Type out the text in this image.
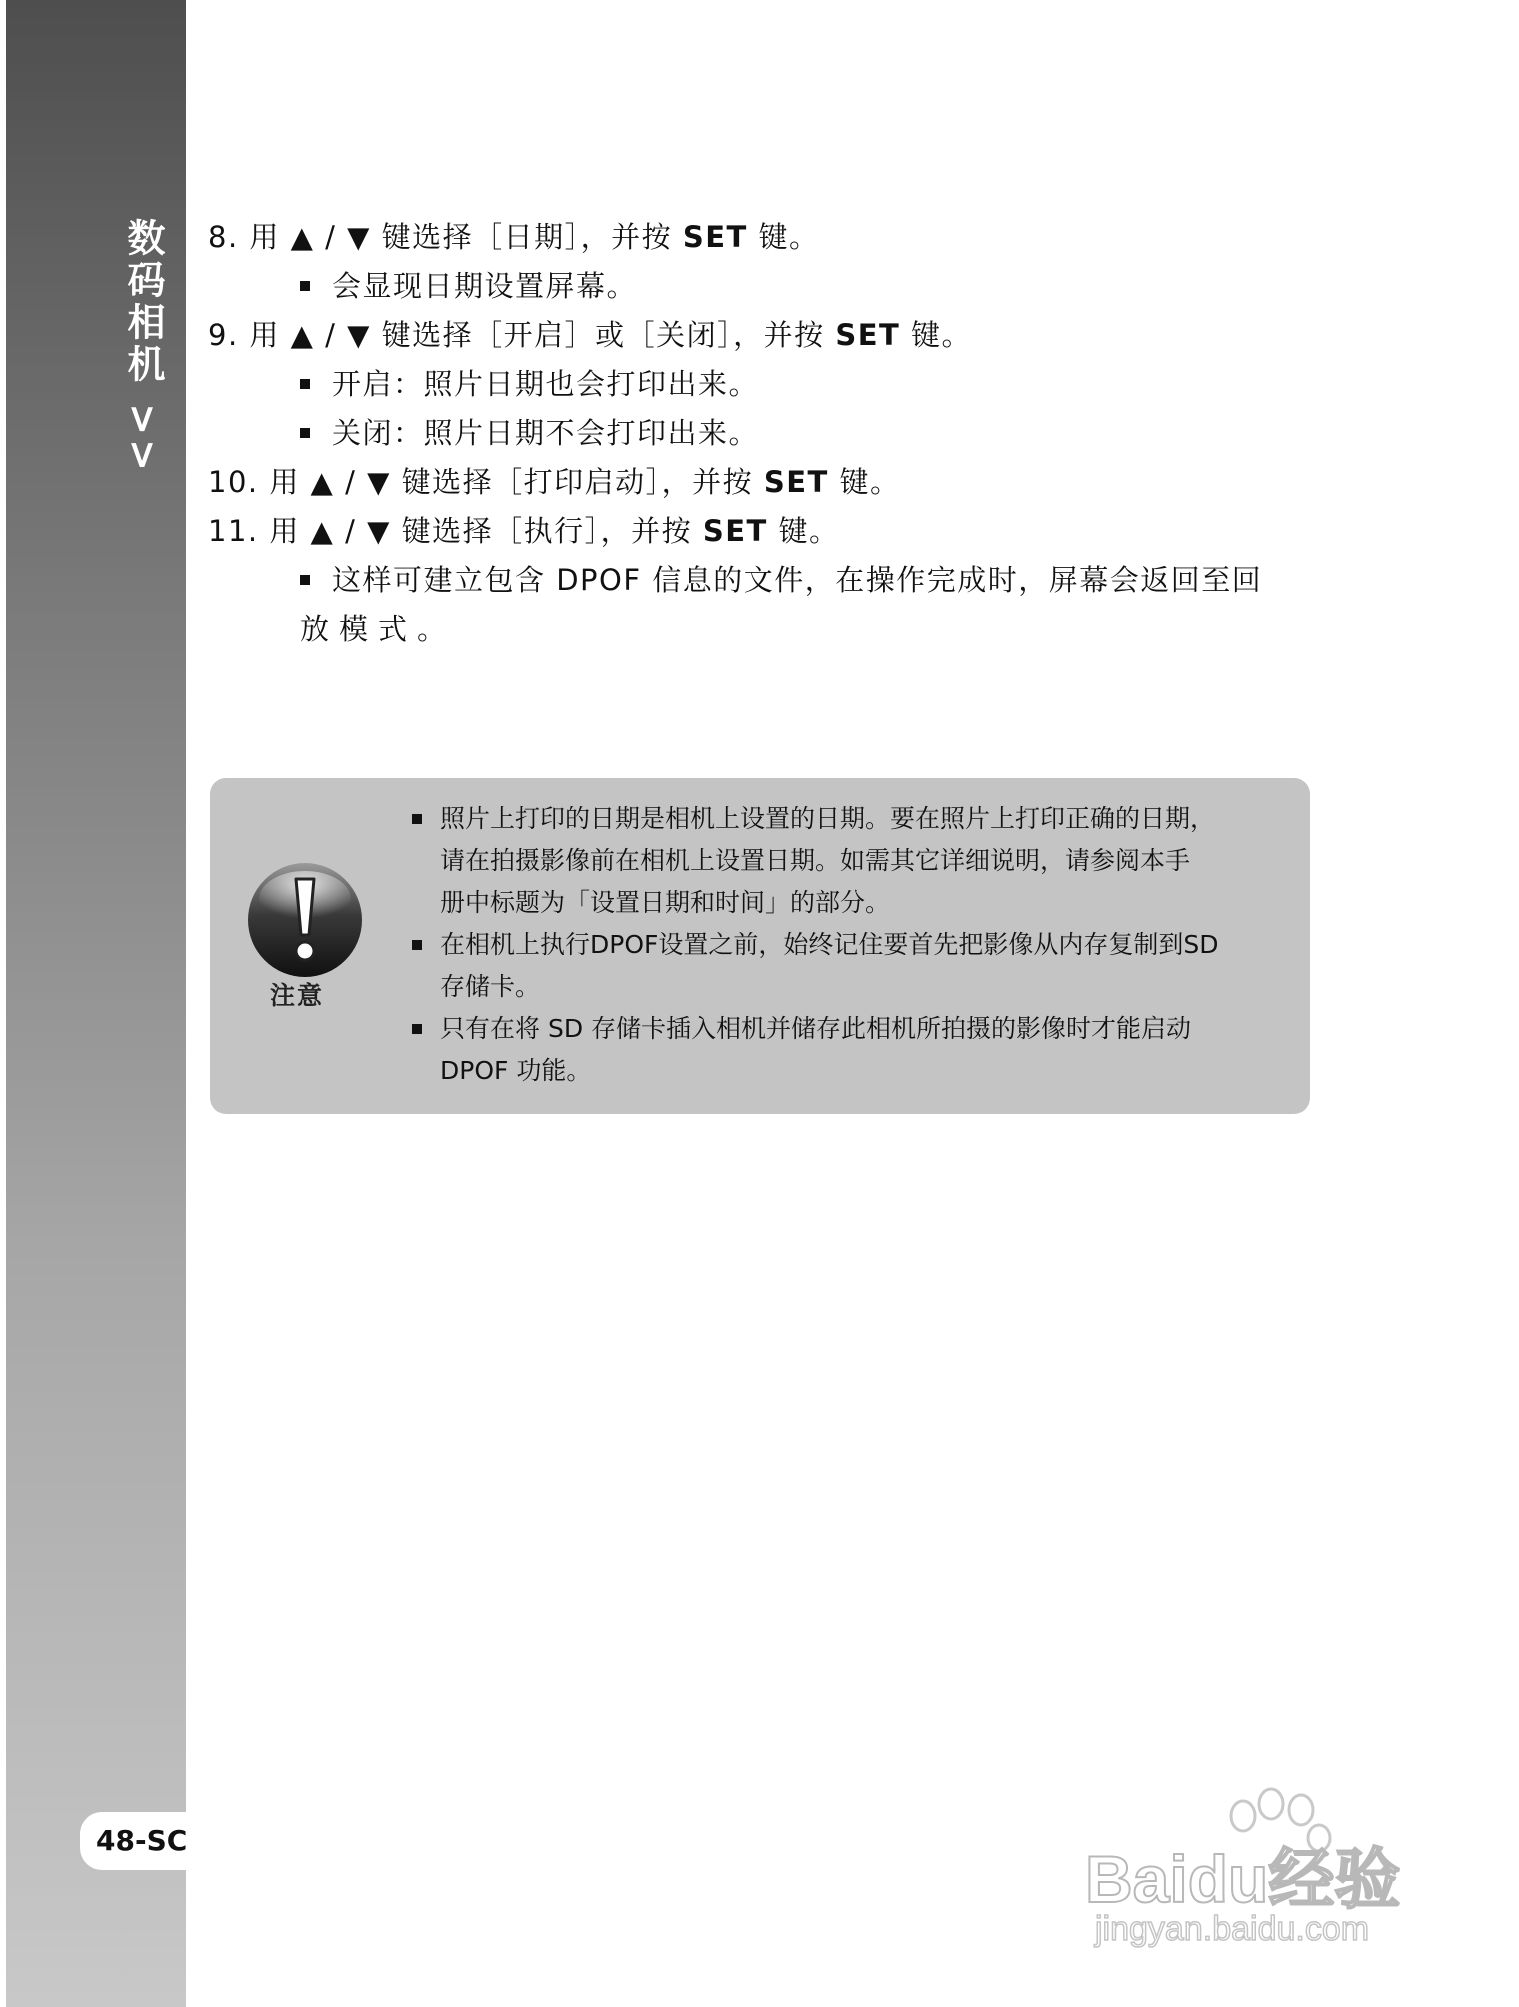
数码相机 >>
48-SC
8. 用 ▲ / ▼ 键选择［日期］，并按 SET 键。
会显现日期设置屏幕。
9. 用 ▲ / ▼ 键选择［开启］或［关闭］，并按 SET 键。
开启：照片日期也会打印出来。
关闭：照片日期不会打印出来。
10. 用 ▲ / ▼ 键选择［打印启动］，并按 SET 键。
11. 用 ▲ / ▼ 键选择［执行］，并按 SET 键。
这样可建立包含 DPOF 信息的文件，在操作完成时，屏幕会返回至回
放模式。
注意
照片上打印的日期是相机上设置的日期。要在照片上打印正确的日期，
请在拍摄影像前在相机上设置日期。如需其它详细说明，请参阅本手
册中标题为「设置日期和时间」的部分。
在相机上执行DPOF设置之前，始终记住要首先把影像从内存复制到SD
存储卡。
只有在将 SD 存储卡插入相机并储存此相机所拍摄的影像时才能启动
DPOF 功能。
Baidu经验
jingyan.baidu.com
